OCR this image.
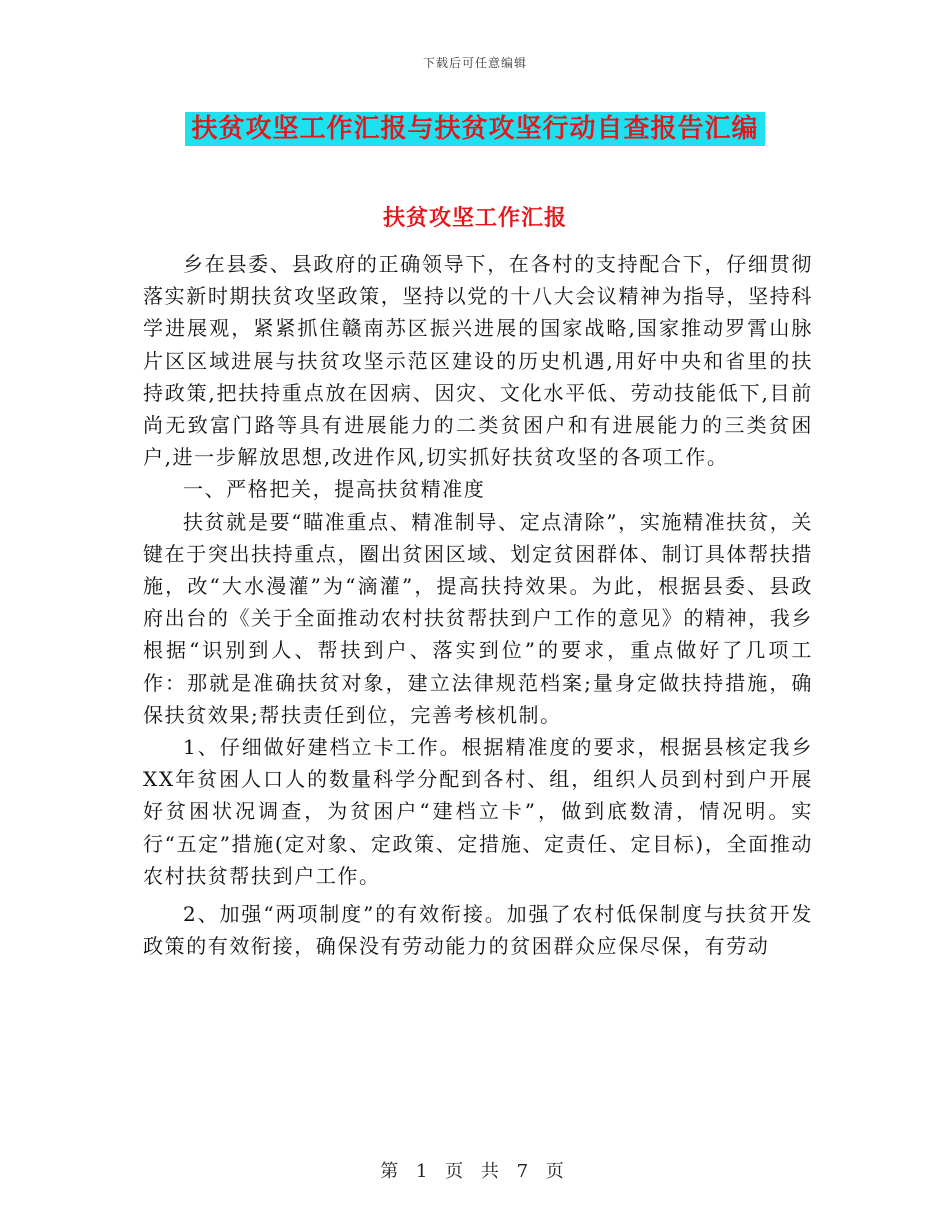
下载后可任意编辑
扶贫攻坚工作汇报与扶贫攻坚行动自查报告汇编
扶贫攻坚工作汇报

乡在县委、县政府的正确领导下，在各村的支持配合下，仔细贯彻落实新时期扶贫攻坚政策，坚持以党的十八大会议精神为指导，坚持科学进展观，紧紧抓住赣南苏区振兴进展的国家战略,国家推动罗霄山脉片区区域进展与扶贫攻坚示范区建设的历史机遇,用好中央和省里的扶持政策,把扶持重点放在因病、因灾、文化水平低、劳动技能低下,目前尚无致富门路等具有进展能力的二类贫困户和有进展能力的三类贫困户,进一步解放思想,改进作风,切实抓好扶贫攻坚的各项工作。

一、严格把关，提高扶贫精准度

扶贫就是要“瞄准重点、精准制导、定点清除”，实施精准扶贫，关键在于突出扶持重点，圈出贫困区域、划定贫困群体、制订具体帮扶措施，改“大水漫灌”为“滴灌”，提高扶持效果。为此，根据县委、县政府出台的《关于全面推动农村扶贫帮扶到户工作的意见》的精神，我乡根据“识别到人、帮扶到户、落实到位”的要求，重点做好了几项工作：那就是准确扶贫对象，建立法律规范档案;量身定做扶持措施，确保扶贫效果;帮扶责任到位，完善考核机制。

1、仔细做好建档立卡工作。根据精准度的要求，根据县核定我乡XX年贫困人口人的数量科学分配到各村、组，组织人员到村到户开展好贫困状况调查，为贫困户“建档立卡”，做到底数清，情况明。实行“五定”措施(定对象、定政策、定措施、定责任、定目标)，全面推动农村扶贫帮扶到户工作。

2、加强“两项制度”的有效衔接。加强了农村低保制度与扶贫开发政策的有效衔接，确保没有劳动能力的贫困群众应保尽保，有劳动

第 1 页 共 7 页
